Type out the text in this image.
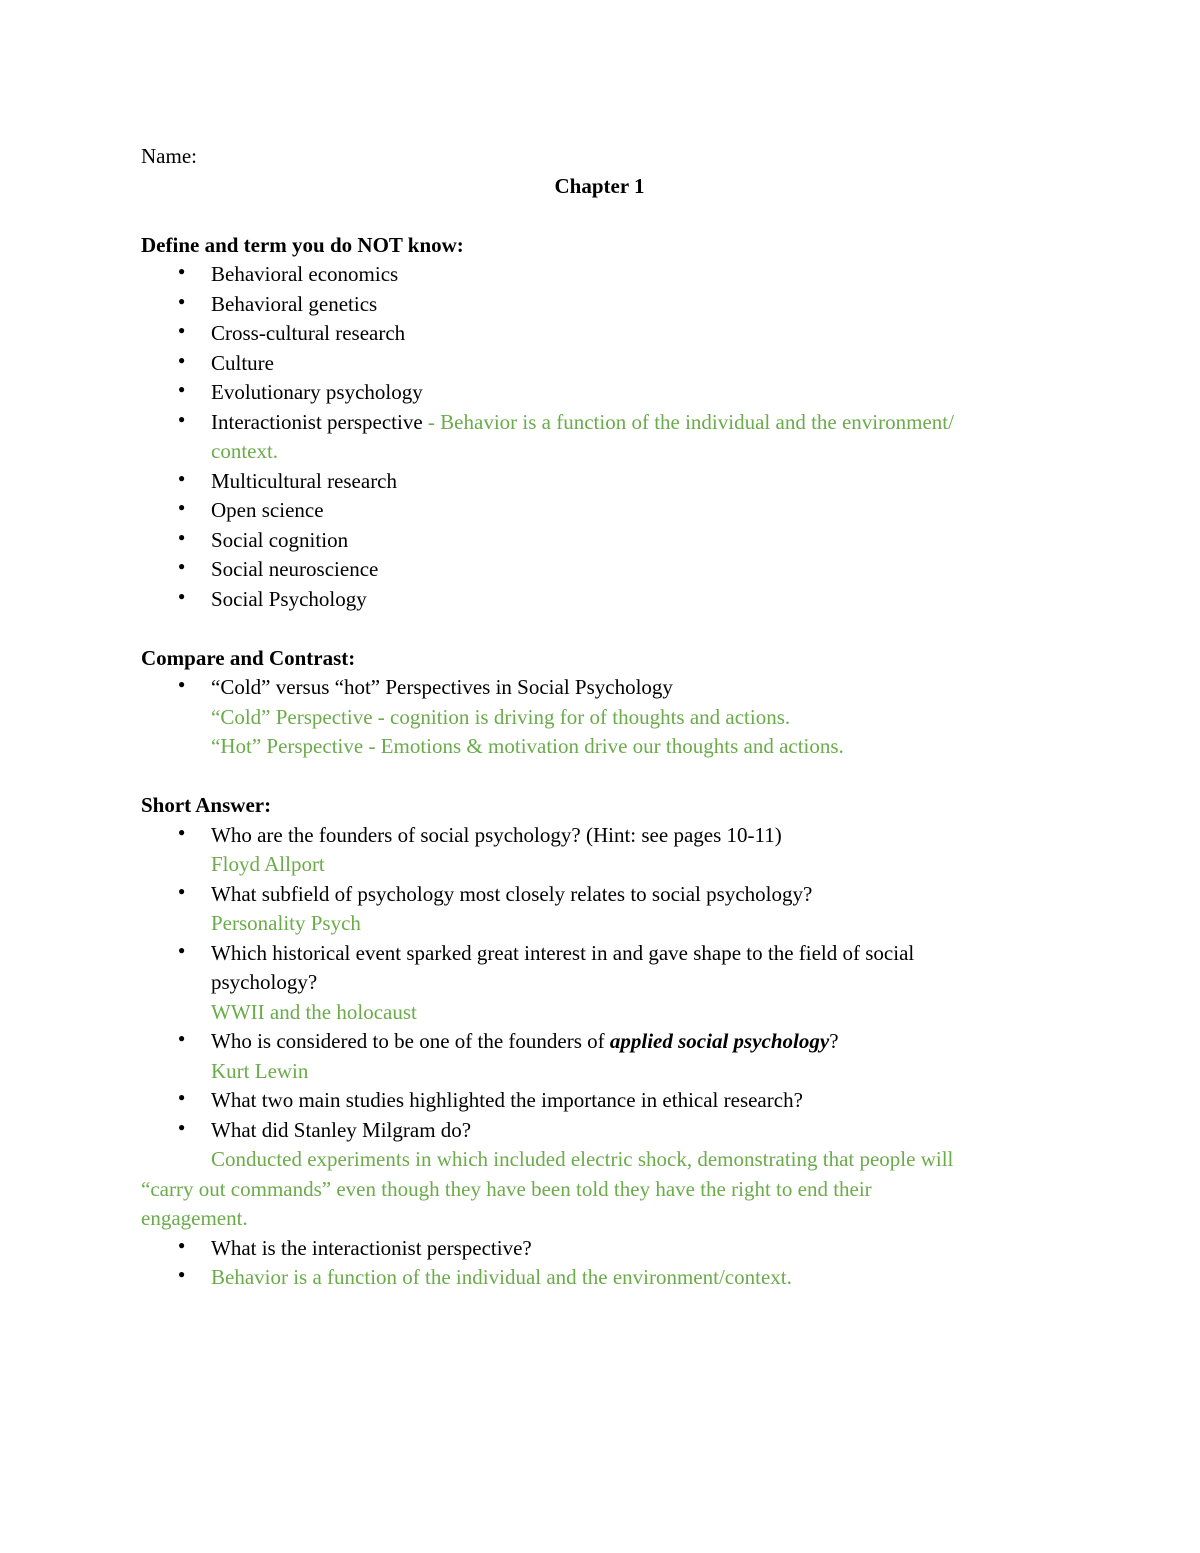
Name:
Chapter 1
Define and term you do NOT know:
● Behavioral economics
● Behavioral genetics
● Cross-cultural research
● Culture
● Evolutionary psychology
● Interactionist perspective - Behavior is a function of the individual and the environment/
context.
● Multicultural research
● Open science
● Social cognition
● Social neuroscience
● Social Psychology
Compare and Contrast:
● “Cold” versus “hot” Perspectives in Social Psychology
“Cold” Perspective - cognition is driving for of thoughts and actions.
“Hot” Perspective - Emotions & motivation drive our thoughts and actions.
Short Answer:
● Who are the founders of social psychology? (Hint: see pages 10-11)
Floyd Allport
● What subfield of psychology most closely relates to social psychology?
Personality Psych
● Which historical event sparked great interest in and gave shape to the field of social
psychology?
WWII and the holocaust
● Who is considered to be one of the founders of applied social psychology?
Kurt Lewin
● What two main studies highlighted the importance in ethical research?
● What did Stanley Milgram do?
Conducted experiments in which included electric shock, demonstrating that people will
“carry out commands” even though they have been told they have the right to end their
engagement.
● What is the interactionist perspective?
● Behavior is a function of the individual and the environment/context.
